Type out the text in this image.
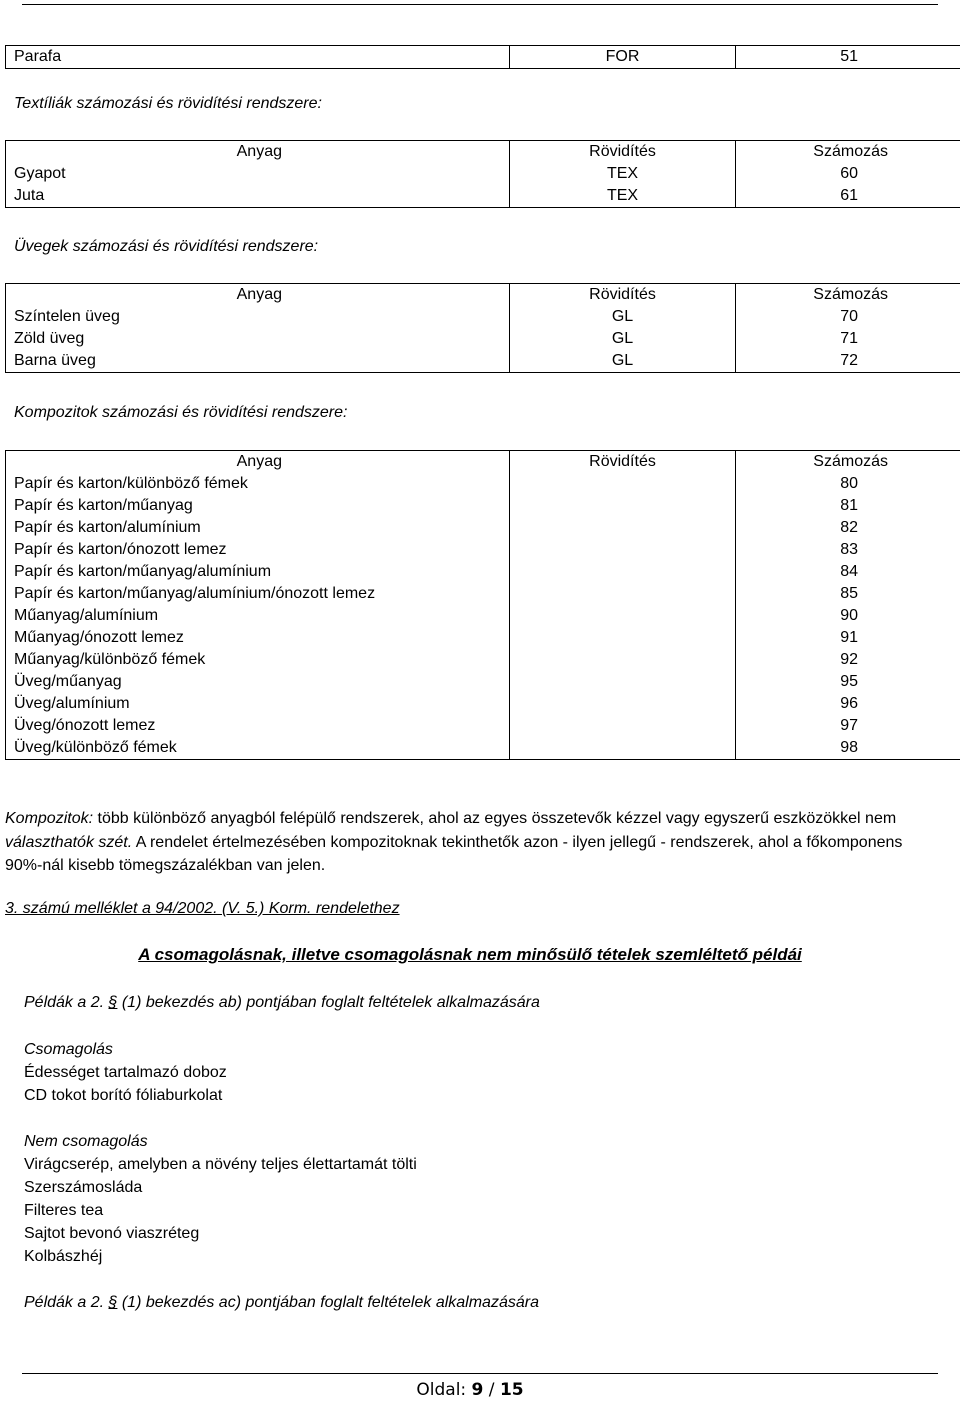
Parafa	FOR	51
Textíliák számozási és rövidítési rendszere:
Anyag	Rövidítés	Számozás
Gyapot	TEX	60
Juta	TEX	61
Üvegek számozási és rövidítési rendszere:
Anyag	Rövidítés	Számozás
Színtelen üveg	GL	70
Zöld üveg	GL	71
Barna üveg	GL	72
Kompozitok számozási és rövidítési rendszere:
Anyag	Rövidítés	Számozás
Papír és karton/különböző fémek		80
Papír és karton/műanyag		81
Papír és karton/alumínium		82
Papír és karton/ónozott lemez		83
Papír és karton/műanyag/alumínium		84
Papír és karton/műanyag/alumínium/ónozott lemez		85
Műanyag/alumínium		90
Műanyag/ónozott lemez		91
Műanyag/különböző fémek		92
Üveg/műanyag		95
Üveg/alumínium		96
Üveg/ónozott lemez		97
Üveg/különböző fémek		98
Kompozitok: több különböző anyagból felépülő rendszerek, ahol az egyes összetevők kézzel vagy egyszerű eszközökkel nem választhatók szét. A rendelet értelmezésében kompozitoknak tekinthetők azon - ilyen jellegű - rendszerek, ahol a főkomponens 90%-nál kisebb tömegszázalékban van jelen.
3. számú melléklet a 94/2002. (V. 5.) Korm. rendelethez
A csomagolásnak, illetve csomagolásnak nem minősülő tételek szemléltető példái
Példák a 2. § (1) bekezdés ab) pontjában foglalt feltételek alkalmazására
Csomagolás
Édességet tartalmazó doboz
CD tokot borító fóliaburkolat
Nem csomagolás
Virágcserép, amelyben a növény teljes élettartamát tölti
Szerszámosláda
Filteres tea
Sajtot bevonó viaszréteg
Kolbászhéj
Példák a 2. § (1) bekezdés ac) pontjában foglalt feltételek alkalmazására
Oldal: 9 / 15
